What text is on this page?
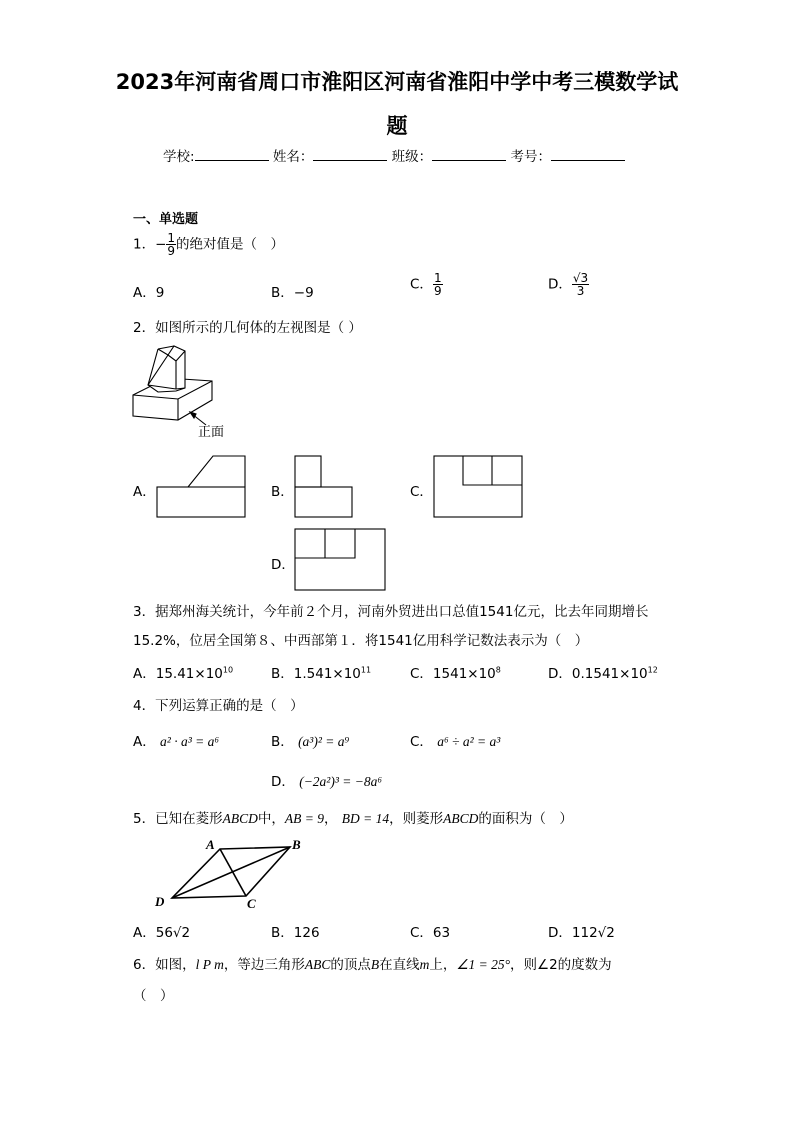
2023年河南省周口市淮阳区河南省淮阳中学中考三模数学试
题
学校:	姓名：	班级：	考号：
一、单选题
1．− $\frac{1}{9}$ 的绝对值是（　）
A．9	B．−9
C． $\frac{1}{9}$	D． $\frac{√3}{3}$
2．如图所示的几何体的左视图是（ ）
正面
A．	B．	C．
D．
3．据郑州海关统计，今年前２个月，河南外贸进出口总值1541亿元，比去年同期增长
15.2%，位居全国第８、中西部第１．将1541亿用科学记数法表示为（　）
A．$15.41\times 10^{10}$	B．$1.541\times 10^{11}$	C．$1541\times 10^8$	D．$0.1541\times 10^{12}$
4．下列运算正确的是（　）
A． a² · a³ = a⁶	B． (a³)² = a⁹	C． a⁶ ÷ a² = a³
D． (−2a²)³ = −8a⁶
5．已知在菱形ABCD中，AB = 9， BD = 14，则菱形ABCD的面积为（　）
A	B
C
D
A．56√2	B．126	C．63	D．112√2
6．如图，l P m，等边三角形ABC的顶点B在直线m上，∠1 = 25°，则∠2的度数为
（　）
